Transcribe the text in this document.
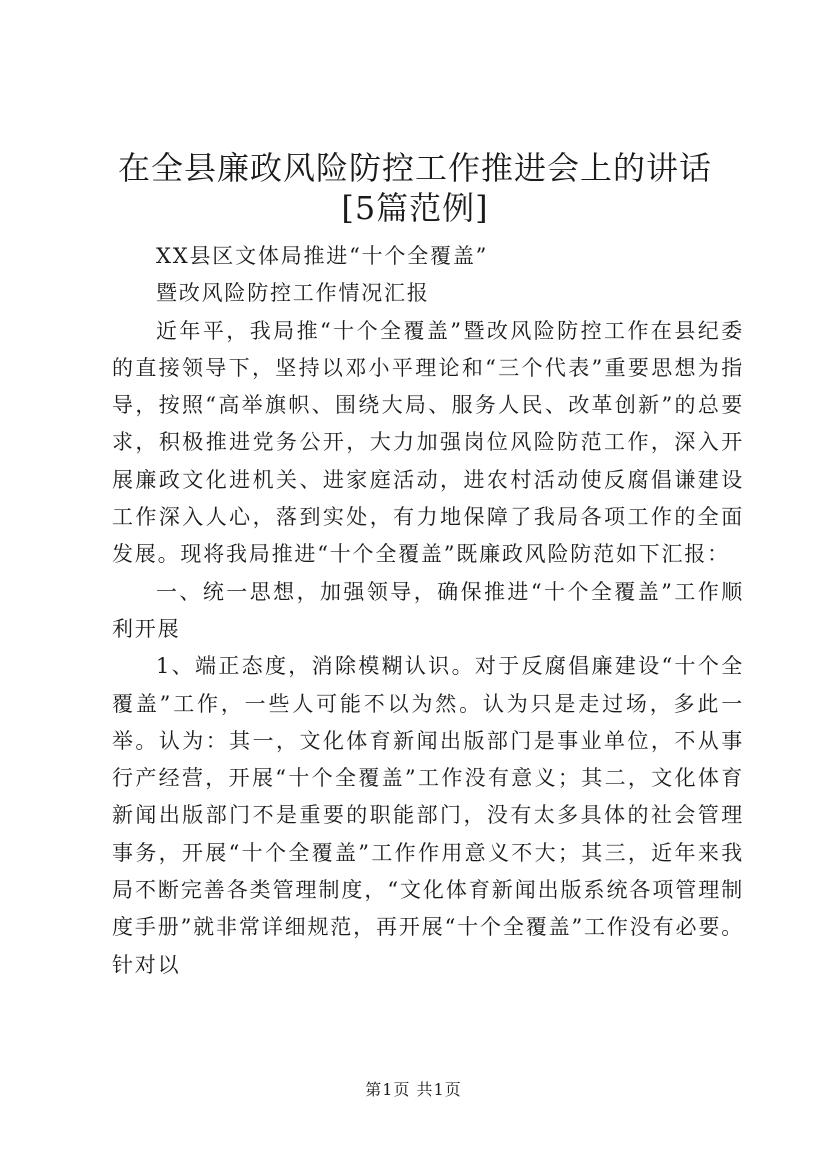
在全县廉政风险防控工作推进会上的讲话[5篇范例]

XX县区文体局推进“十个全覆盖”

暨改风险防控工作情况汇报

近年平，我局推“十个全覆盖”暨改风险防控工作在县纪委的直接领导下，坚持以邓小平理论和“三个代表”重要思想为指导，按照“高举旗帜、围绕大局、服务人民、改革创新”的总要求，积极推进党务公开，大力加强岗位风险防范工作，深入开展廉政文化进机关、进家庭活动，进农村活动使反腐倡谦建设工作深入人心，落到实处，有力地保障了我局各项工作的全面发展。现将我局推进“十个全覆盖”既廉政风险防范如下汇报：

一、统一思想，加强领导，确保推进“十个全覆盖”工作顺利开展

1、端正态度，消除模糊认识。对于反腐倡廉建设“十个全覆盖”工作，一些人可能不以为然。认为只是走过场，多此一举。认为：其一，文化体育新闻出版部门是事业单位，不从事行产经营，开展“十个全覆盖”工作没有意义；其二，文化体育新闻出版部门不是重要的职能部门，没有太多具体的社会管理事务，开展“十个全覆盖”工作作用意义不大；其三，近年来我局不断完善各类管理制度，“文化体育新闻出版系统各项管理制度手册”就非常详细规范，再开展“十个全覆盖”工作没有必要。针对以

第1页 共1页
